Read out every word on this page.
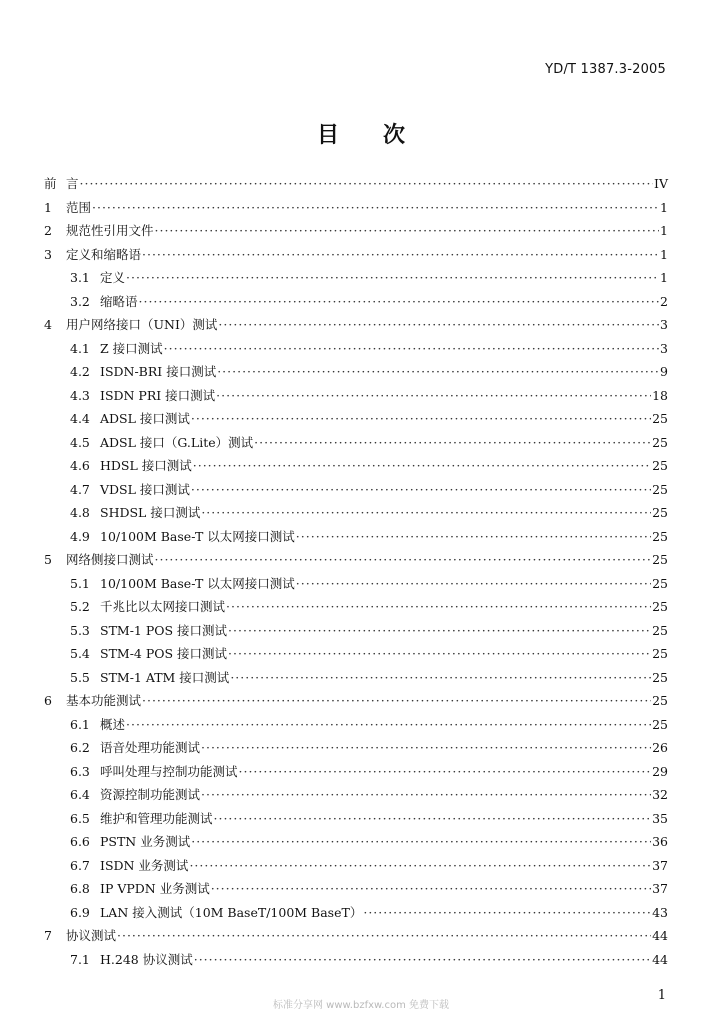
YD/T 1387.3-2005
目 次
前 言 ·····	IV
1	范围 ·····	1
2	规范性引用文件 ·····	1
3	定义和缩略语 ·····	1
3.1 定义 ·····	1
3.2 缩略语 ·····	2
4	用户网络接口（UNI）测试 ·····	3
4.1 Z 接口测试 ·····	3
4.2 ISDN-BRI 接口测试 ·····	9
4.3 ISDN PRI 接口测试 ·····	18
4.4 ADSL 接口测试 ·····	25
4.5 ADSL 接口（G.Lite）测试 ·····	25
4.6 HDSL 接口测试 ·····	25
4.7 VDSL 接口测试 ·····	25
4.8 SHDSL 接口测试 ·····	25
4.9 10/100M Base-T 以太网接口测试 ·····	25
5	网络侧接口测试 ·····	25
5.1 10/100M Base-T 以太网接口测试 ·····	25
5.2 千兆比以太网接口测试 ·····	25
5.3 STM-1 POS 接口测试 ·····	25
5.4 STM-4 POS 接口测试 ·····	25
5.5 STM-1 ATM 接口测试 ·····	25
6	基本功能测试 ·····	25
6.1 概述 ·····	25
6.2 语音处理功能测试 ·····	26
6.3 呼叫处理与控制功能测试 ·····	29
6.4 资源控制功能测试 ·····	32
6.5 维护和管理功能测试 ·····	35
6.6 PSTN 业务测试 ·····	36
6.7 ISDN 业务测试 ·····	37
6.8 IP VPDN 业务测试 ·····	37
6.9 LAN 接入测试（10M BaseT/100M BaseT） ·····	43
7	协议测试 ·····	44
7.1 H.248 协议测试 ·····	44
标准分享网 www.bzfxw.com 免费下载
1
